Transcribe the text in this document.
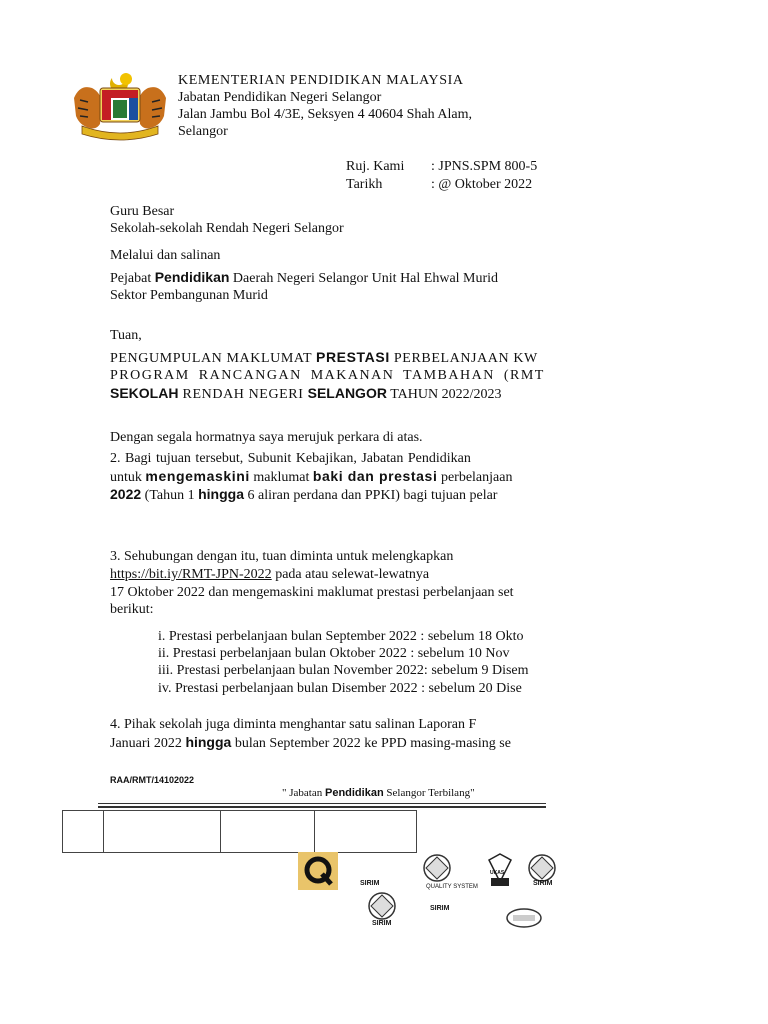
KEMENTERIAN PENDIDIKAN MALAYSIA
Jabatan Pendidikan Negeri Selangor
Jalan Jambu Bol 4/3E, Seksyen 4 40604 Shah Alam,
Selangor
Ruj. Kami : JPNS.SPM 800-5
Tarikh	: @ Oktober 2022
Guru Besar
Sekolah-sekolah Rendah Negeri Selangor
Melalui dan salinan
Pejabat Pendidikan Daerah Negeri Selangor Unit Hal Ehwal Murid
Sektor Pembangunan Murid
Tuan,
PENGUMPULAN MAKLUMAT PRESTASI PERBELANJAAN KW
PROGRAM RANCANGAN MAKANAN TAMBAHAN (RMT
SEKOLAH RENDAH NEGERI SELANGOR TAHUN 2022/2023
Dengan segala hormatnya saya merujuk perkara di atas.
2. Bagi tujuan tersebut, Subunit Kebajikan, Jabatan Pendidikan
untuk mengemaskini maklumat baki dan prestasi perbelanjaan
2022 (Tahun 1 hingga 6 aliran perdana dan PPKI) bagi tujuan pelar
3. Sehubungan dengan itu, tuan diminta untuk melengkapkan
https://bit.iy/RMT-JPN-2022 pada atau selewat-lewatnya
17 Oktober 2022 dan mengemaskini maklumat prestasi perbelanjaan set
berikut:
i. Prestasi perbelanjaan bulan September 2022 : sebelum 18 Okto
ii. Prestasi perbelanjaan bulan Oktober 2022 : sebelum 10 Nov
iii. Prestasi perbelanjaan bulan November 2022: sebelum 9 Disem
iv. Prestasi perbelanjaan bulan Disember 2022 : sebelum 20 Dise
4. Pihak sekolah juga diminta menghantar satu salinan Laporan F
Januari 2022 hingga bulan September 2022 ke PPD masing-masing se
RAA/RMT/14102022
" Jabatan Pendidikan Selangor Terbilang"
SIRIM	QUALITY SYSTEM
SIRIM
UKAS
SIRIM
SIRIM
